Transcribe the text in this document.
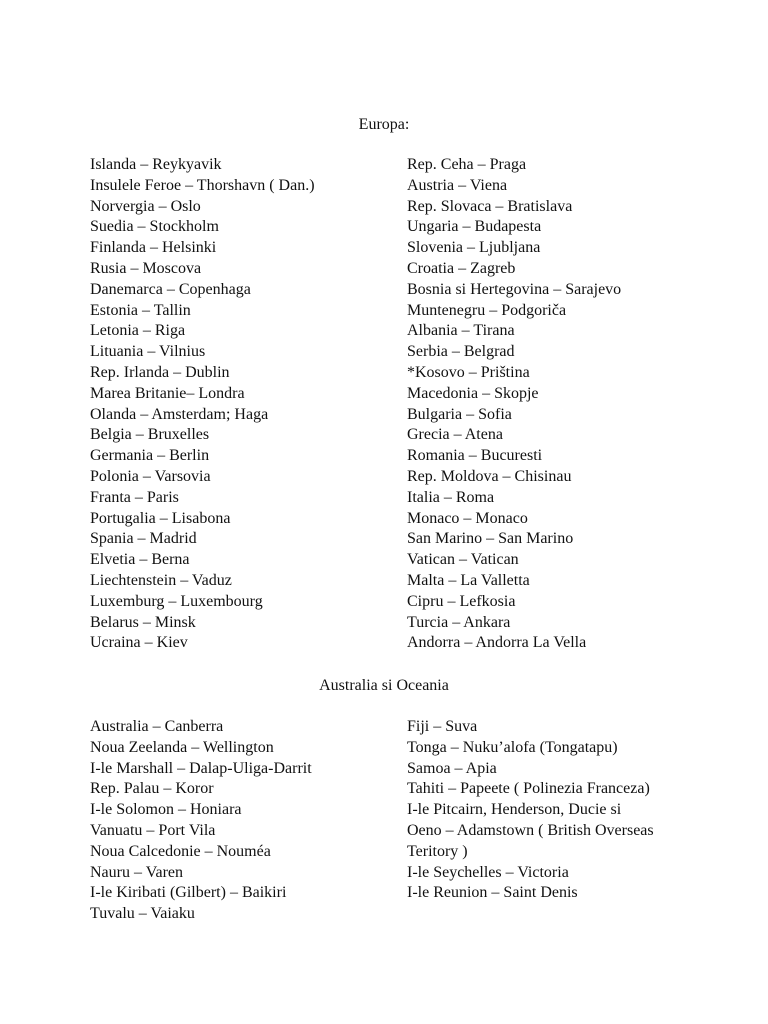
Europa:
Islanda – Reykyavik
Insulele Feroe – Thorshavn ( Dan.)
Norvergia – Oslo
Suedia – Stockholm
Finlanda – Helsinki
Rusia – Moscova
Danemarca – Copenhaga
Estonia – Tallin
Letonia – Riga
Lituania – Vilnius
Rep. Irlanda – Dublin
Marea Britanie– Londra
Olanda – Amsterdam; Haga
Belgia – Bruxelles
Germania – Berlin
Polonia – Varsovia
Franta – Paris
Portugalia – Lisabona
Spania – Madrid
Elvetia – Berna
Liechtenstein – Vaduz
Luxemburg – Luxembourg
Belarus – Minsk
Ucraina – Kiev
Rep. Ceha – Praga
Austria – Viena
Rep. Slovaca – Bratislava
Ungaria – Budapesta
Slovenia – Ljubljana
Croatia – Zagreb
Bosnia si Hertegovina – Sarajevo
Muntenegru – Podgoriča
Albania – Tirana
Serbia – Belgrad
*Kosovo – Priština
Macedonia – Skopje
Bulgaria – Sofia
Grecia – Atena
Romania – Bucuresti
Rep. Moldova – Chisinau
Italia – Roma
Monaco – Monaco
San Marino – San Marino
Vatican – Vatican
Malta – La Valletta
Cipru – Lefkosia
Turcia – Ankara
Andorra – Andorra La Vella
Australia si Oceania
Australia – Canberra
Noua Zeelanda – Wellington
I-le Marshall – Dalap-Uliga-Darrit
Rep. Palau – Koror
I-le Solomon – Honiara
Vanuatu – Port Vila
Noua Calcedonie – Nouméa
Nauru – Varen
I-le Kiribati (Gilbert) – Baikiri
Tuvalu – Vaiaku
Fiji – Suva
Tonga – Nuku’alofa (Tongatapu)
Samoa – Apia
Tahiti – Papeete ( Polinezia Franceza)
I-le Pitcairn, Henderson, Ducie si
Oeno – Adamstown ( British Overseas
Teritory )
I-le Seychelles – Victoria
I-le Reunion – Saint Denis
